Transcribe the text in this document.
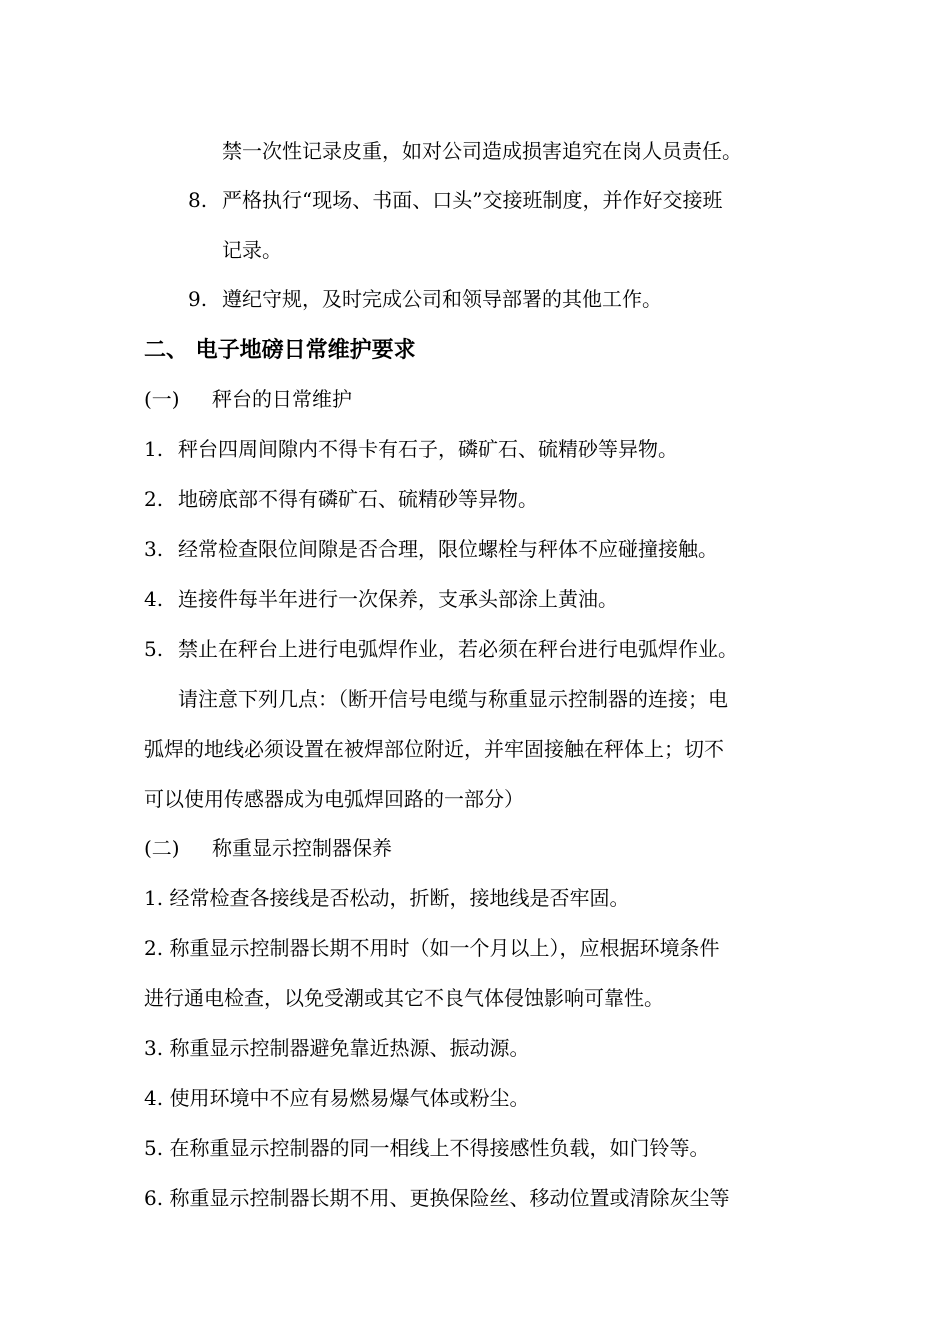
禁一次性记录皮重，如对公司造成损害追究在岗人员责任。
8. 严格执行“现场、书面、口头”交接班制度，并作好交接班
记录。
9. 遵纪守规，及时完成公司和领导部署的其他工作。
二、 电子地磅日常维护要求
(一) 秤台的日常维护
1. 秤台四周间隙内不得卡有石子，磷矿石、硫精砂等异物。
2. 地磅底部不得有磷矿石、硫精砂等异物。
3. 经常检查限位间隙是否合理，限位螺栓与秤体不应碰撞接触。
4. 连接件每半年进行一次保养，支承头部涂上黄油。
5. 禁止在秤台上进行电弧焊作业，若必须在秤台进行电弧焊作业。
请注意下列几点：（断开信号电缆与称重显示控制器的连接；电
弧焊的地线必须设置在被焊部位附近，并牢固接触在秤体上；切不
可以使用传感器成为电弧焊回路的一部分）
(二) 称重显示控制器保养
1. 经常检查各接线是否松动，折断，接地线是否牢固。
2. 称重显示控制器长期不用时（如一个月以上），应根据环境条件
进行通电检查，以免受潮或其它不良气体侵蚀影响可靠性。
3. 称重显示控制器避免靠近热源、振动源。
4. 使用环境中不应有易燃易爆气体或粉尘。
5. 在称重显示控制器的同一相线上不得接感性负载，如门铃等。
6. 称重显示控制器长期不用、更换保险丝、移动位置或清除灰尘等
